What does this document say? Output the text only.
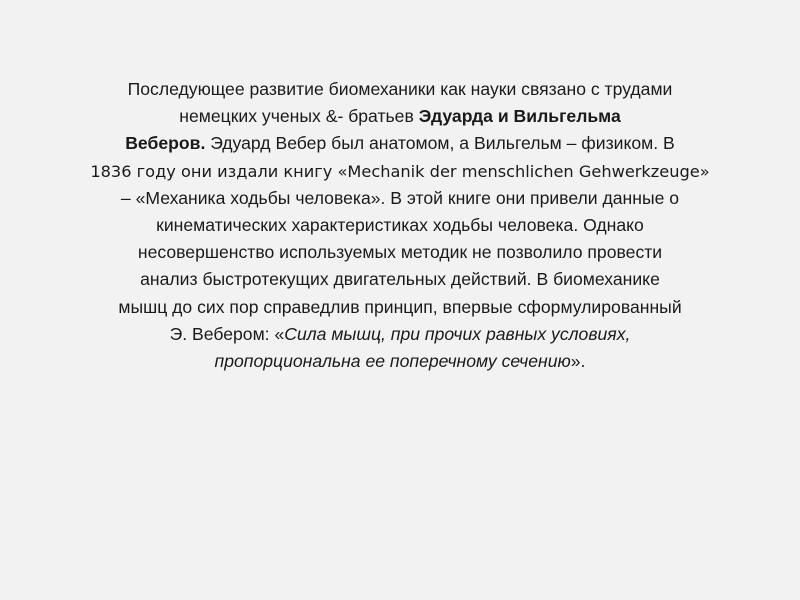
Последующее развитие биомеханики как науки связано с трудами
немецких ученых &- братьев Эдуарда и Вильгельма
Веберов. Эдуард Вебер был анатомом, а Вильгельм – физиком. В
1836 году они издали книгу «Mechanik der menschlichen Gehwerkzeuge»
– «Механика ходьбы человека». В этой книге они привели данные о
кинематических характеристиках ходьбы человека. Однако
несовершенство используемых методик не позволило провести
анализ быстротекущих двигательных действий. В биомеханике
мышц до сих пор справедлив принцип, впервые сформулированный
Э. Вебером: «Сила мышц, при прочих равных условиях,
пропорциональна ее поперечному сечению».
